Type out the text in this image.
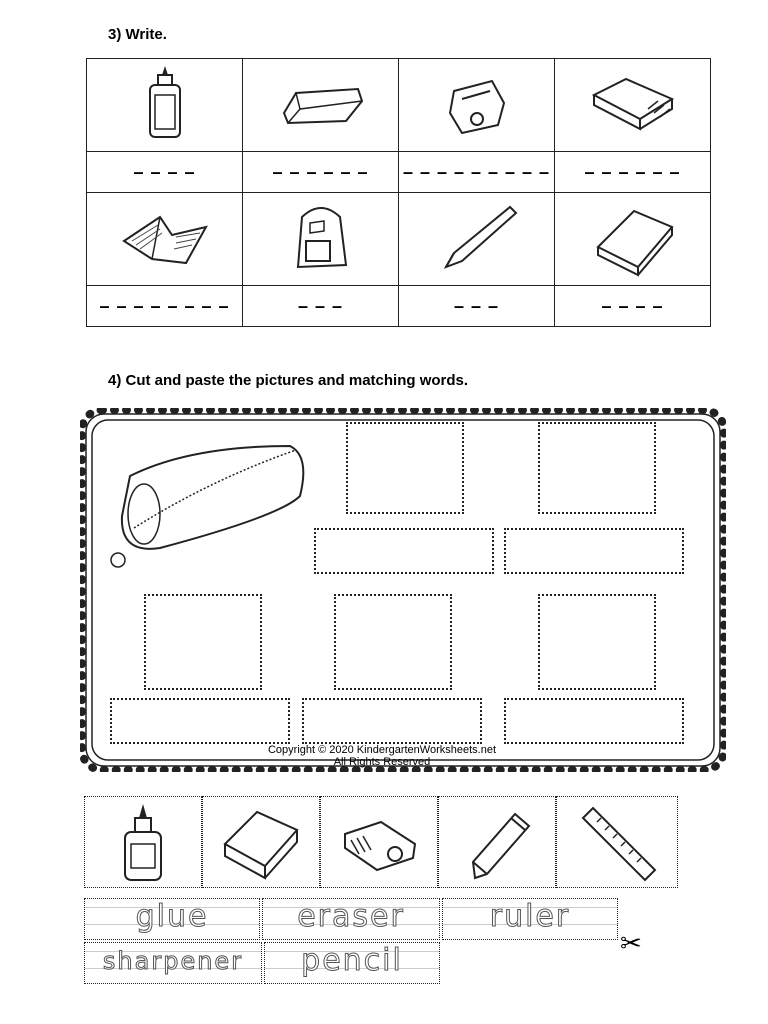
3) Write.

– – – –	– – – – – –	– – – – – – – – –	– – – – – –

– – – – – – – –	– – –	– – –	– – – –
4) Cut and paste the pictures and matching words.
Copyright © 2020 KindergartenWorksheets.net
All Rights Reserved
glue	eraser	ruler
sharpener	pencil	✂
